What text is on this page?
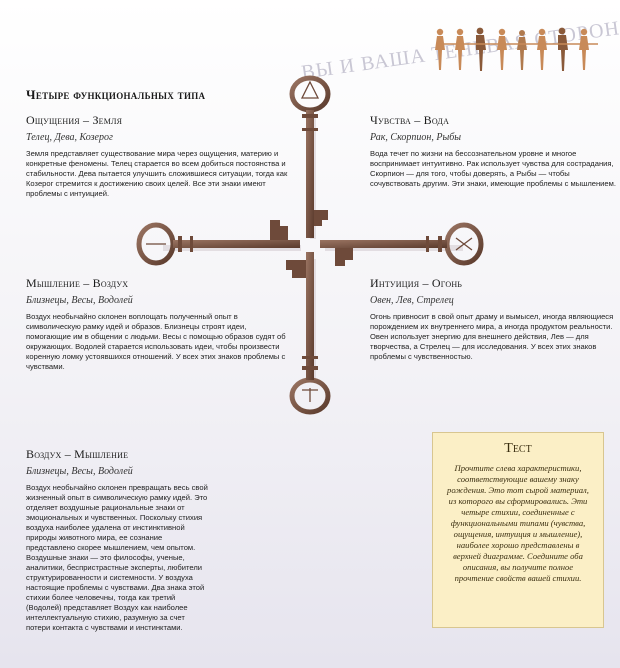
ВЫ И ВАША СТОРОНА
Четыре функциональных типа
Ощущения – Земля
Телец, Дева, Козерог

Земля представляет существование мира через ощущения, материю и конкретные феномены. Телец старается во всем добиться постоянства и стабильности. Дева пытается улучшить сложившиеся ситуации, тогда как Козерог стремится к достижению своих целей. Все эти знаки имеют проблемы с интуицией.

Чувства – Вода
Рак, Скорпион, Рыбы

Вода течет по жизни на бессознательном уровне и многое воспринимает интуитивно. Рак использует чувства для сострадания, Скорпион — для того, чтобы доверять, а Рыбы — чтобы сочувствовать другим. Эти знаки, имеющие проблемы с мышлением.

Мышление – Воздух
Близнецы, Весы, Водолей

Воздух необычайно склонен воплощать полученный опыт в символическую рамку идей и образов. Близнецы строят идеи, помогающие им в общении с людьми. Весы с помощью образов судят об окружающих. Водолей старается использовать идеи, чтобы произвести коренную ломку устоявшихся отношений. У всех этих знаков проблемы с чувствами.

Интуиция – Огонь
Овен, Лев, Стрелец

Огонь привносит в свой опыт драму и вымысел, иногда являющиеся порождением их внутреннего мира, а иногда продуктом реальности. Овен использует энергию для внешнего действия, Лев — для творчества, а Стрелец — для исследования. У всех этих знаков проблемы с чувственностью.

Воздух – Мышление
Близнецы, Весы, Водолей

Воздух необычайно склонен превращать весь свой жизненный опыт в символическую рамку идей. Это отделяет воздушные рациональные знаки от эмоциональных и чувственных. Поскольку стихия воздуха наиболее удалена от инстинктивной природы животного мира, ее сознание представлено скорее мышлением, чем опытом. Воздушные знаки — это философы, ученые, аналитики, беспристрастные эксперты, любители структурированности и системности. У воздуха настоящие проблемы с чувствами. Два знака этой стихии более человечны, тогда как третий (Водолей) представляет Воздух как наиболее интеллектуальную стихию, разумную за счет потери контакта с чувствами и инстинктами.

Тест

Прочтите слева характеристики, соответствующие вашему знаку рождения. Это тот сырой материал, из которого вы сформировались. Эти четыре стихии, соединенные с функциональными типами (чувства, ощущения, интуиция и мышление), наиболее хорошо представлены в верхней диаграмме. Соедините оба описания, вы получите полное прочтение свойств вашей стихии.
